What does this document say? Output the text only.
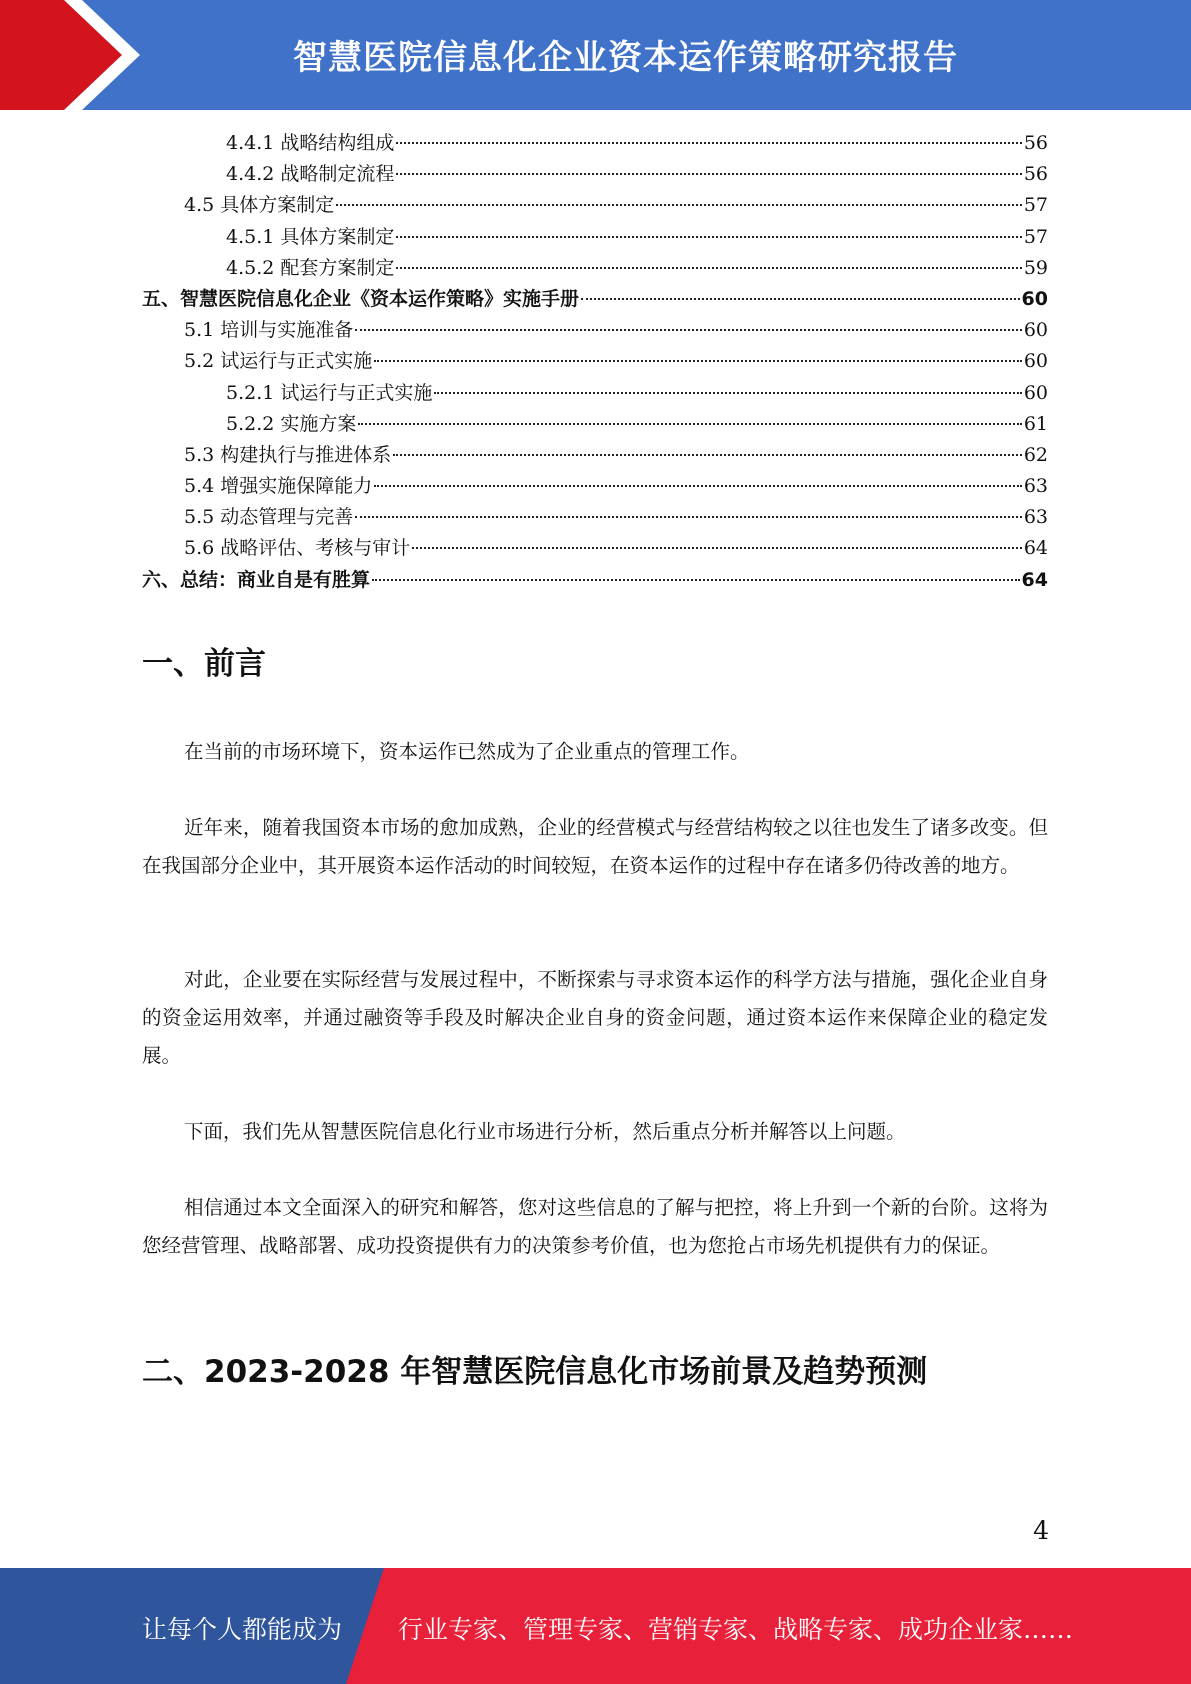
智慧医院信息化企业资本运作策略研究报告
4.4.1 战略结构组成	56
4.4.2 战略制定流程	56
4.5 具体方案制定	57
4.5.1 具体方案制定	57
4.5.2 配套方案制定	59
五、智慧医院信息化企业《资本运作策略》实施手册	60
5.1 培训与实施准备	60
5.2 试运行与正式实施	60
5.2.1 试运行与正式实施	60
5.2.2 实施方案	61
5.3 构建执行与推进体系	62
5.4 增强实施保障能力	63
5.5 动态管理与完善	63
5.6 战略评估、考核与审计	64
六、总结：商业自是有胜算	64
一、前言
在当前的市场环境下，资本运作已然成为了企业重点的管理工作。
近年来，随着我国资本市场的愈加成熟，企业的经营模式与经营结构较之以往也发生了诸多改变。但在我国部分企业中，其开展资本运作活动的时间较短，在资本运作的过程中存在诸多仍待改善的地方。
对此，企业要在实际经营与发展过程中，不断探索与寻求资本运作的科学方法与措施，强化企业自身的资金运用效率，并通过融资等手段及时解决企业自身的资金问题，通过资本运作来保障企业的稳定发展。
下面，我们先从智慧医院信息化行业市场进行分析，然后重点分析并解答以上问题。
相信通过本文全面深入的研究和解答，您对这些信息的了解与把控，将上升到一个新的台阶。这将为您经营管理、战略部署、成功投资提供有力的决策参考价值，也为您抢占市场先机提供有力的保证。
二、2023-2028 年智慧医院信息化市场前景及趋势预测
4
让每个人都能成为 行业专家、管理专家、营销专家、战略专家、成功企业家……
